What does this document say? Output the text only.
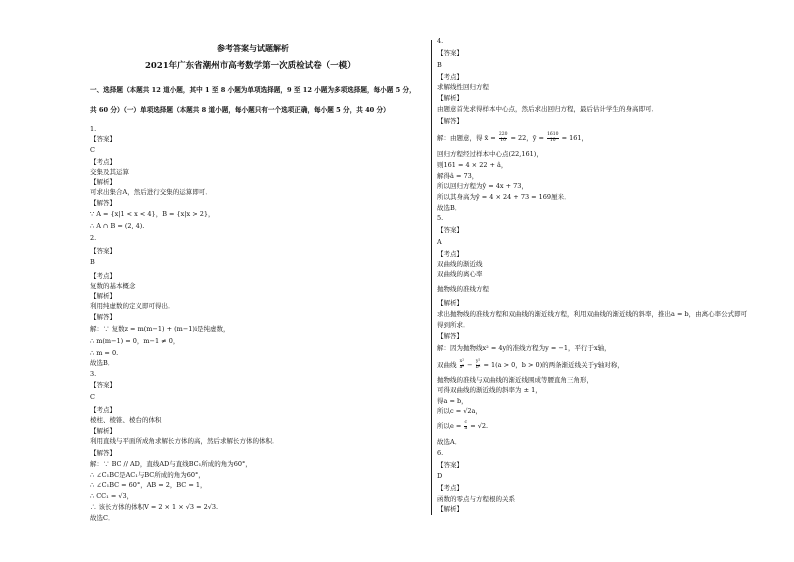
参考答案与试题解析
2021年广东省潮州市高考数学第一次质检试卷（一模）
一、选择题（本题共 12 道小题，其中 1 至 8 小题为单项选择题，9 至 12 小题为多项选择题，每小题 5 分，
共 60 分）（一）单项选择题（本题共 8 道小题，每小题只有一个选项正确，每小题 5 分，共 40 分）
1.
【答案】
C
【考点】
交集及其运算
【解析】
可求出集合A，然后进行交集的运算即可．
【解答】
∵ A = {x|1 < x < 4}，B = {x|x > 2}，
∴ A ∩ B = (2, 4).
2.
【答案】
B
【考点】
复数的基本概念
【解析】
利用纯虚数的定义即可得出．
【解答】
解：∵ 复数z = m(m−1) + (m−1)i是纯虚数，
∴ m(m−1) = 0，m−1 ≠ 0，
∴ m = 0.
故选B．
3.
【答案】
C
【考点】
棱柱、棱锥、棱台的体积
【解析】
利用直线与平面所成角求解长方体的高，然后求解长方体的体积．
【解答】
解：∵ BC // AD，直线AD与直线BC₁所成的角为60°，
∴ ∠C₁BC是AC₁与BC所成的角为60°，
∴ ∠C₁BC = 60°，AB = 2，BC = 1，
∴ CC₁ = √3，
∴ 该长方体的体积V = 2 × 1 × √3 = 2√3.
故选C．
4.
【答案】
B
【考点】
求解线性回归方程
【解析】
由题意首先求得样本中心点，然后求出回归方程，最后估计学生的身高即可．
【解答】
解：由题意，得 x̄ = $\frac{220}{10} = 22$，ȳ = $\frac{1610}{10} = 161$，
回归方程经过样本中心点(22,161)，
则161 = 4 × 22 + â，
解得â = 73，
所以回归方程为ŷ = 4x + 73，
所以其身高为ŷ = 4 × 24 + 73 = 169厘米．
故选B．
5.
【答案】
A
【考点】
双曲线的渐近线
双曲线的离心率
抛物线的准线方程
【解析】
求出抛物线的准线方程和双曲线的渐近线方程，利用双曲线的渐近线的斜率，推出a = b，由离心率公式即可
得到所求．
【解答】
解：因为抛物线x² = 4y的准线方程为y = −1，平行于x轴，
双曲线 $\frac{\text{x²}}{\text{a²}} - \frac{\text{y²}}{\text{b²}} = 1(a > 0$，b > 0)的两条渐近线关于y轴对称，
抛物线的准线与双曲线的渐近线围成等腰直角三角形，
可得双曲线的渐近线的斜率为 ± 1，
得a = b，
所以c = √2a，
所以$e = \frac{c}{a} = √2$.
故选A．
6.
【答案】
D
【考点】
函数的零点与方程根的关系
【解析】
